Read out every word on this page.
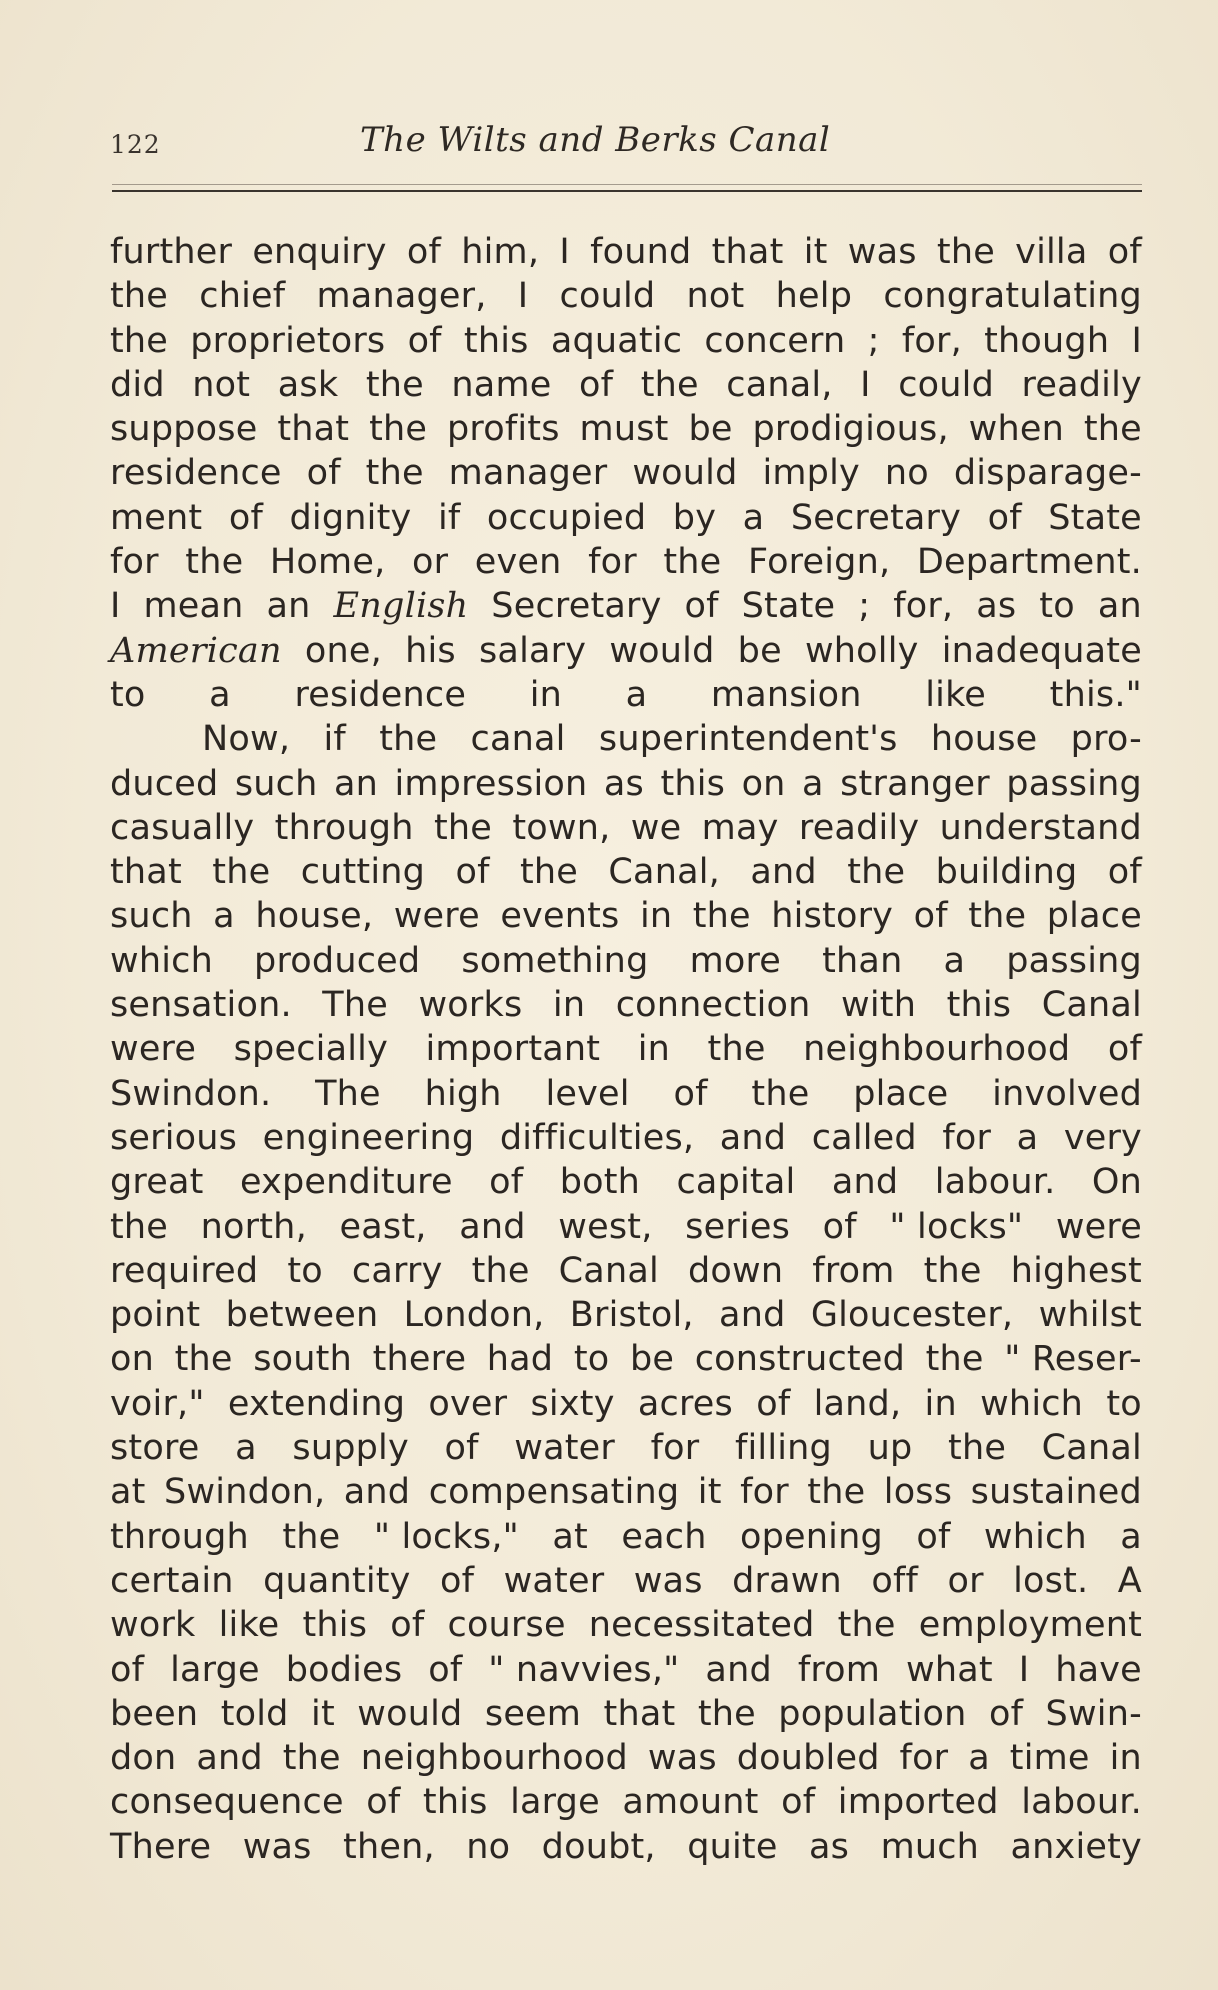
122	The Wilts and Berks Canal
further enquiry of him, I found that it was the villa of
the chief manager, I could not help congratulating
the proprietors of this aquatic concern ; for, though I
did not ask the name of the canal, I could readily
suppose that the profits must be prodigious, when the
residence of the manager would imply no disparage-
ment of dignity if occupied by a Secretary of State
for the Home, or even for the Foreign, Department.
I mean an English Secretary of State ; for, as to an
American one, his salary would be wholly inadequate
to a residence in a mansion like this."
Now, if the canal superintendent's house pro-
duced such an impression as this on a stranger passing
casually through the town, we may readily understand
that the cutting of the Canal, and the building of
such a house, were events in the history of the place
which produced something more than a passing
sensation. The works in connection with this Canal
were specially important in the neighbourhood of
Swindon. The high level of the place involved
serious engineering difficulties, and called for a very
great expenditure of both capital and labour. On
the north, east, and west, series of " locks" were
required to carry the Canal down from the highest
point between London, Bristol, and Gloucester, whilst
on the south there had to be constructed the " Reser-
voir," extending over sixty acres of land, in which to
store a supply of water for filling up the Canal
at Swindon, and compensating it for the loss sustained
through the " locks," at each opening of which a
certain quantity of water was drawn off or lost. A
work like this of course necessitated the employment
of large bodies of " navvies," and from what I have
been told it would seem that the population of Swin-
don and the neighbourhood was doubled for a time in
consequence of this large amount of imported labour.
There was then, no doubt, quite as much anxiety
